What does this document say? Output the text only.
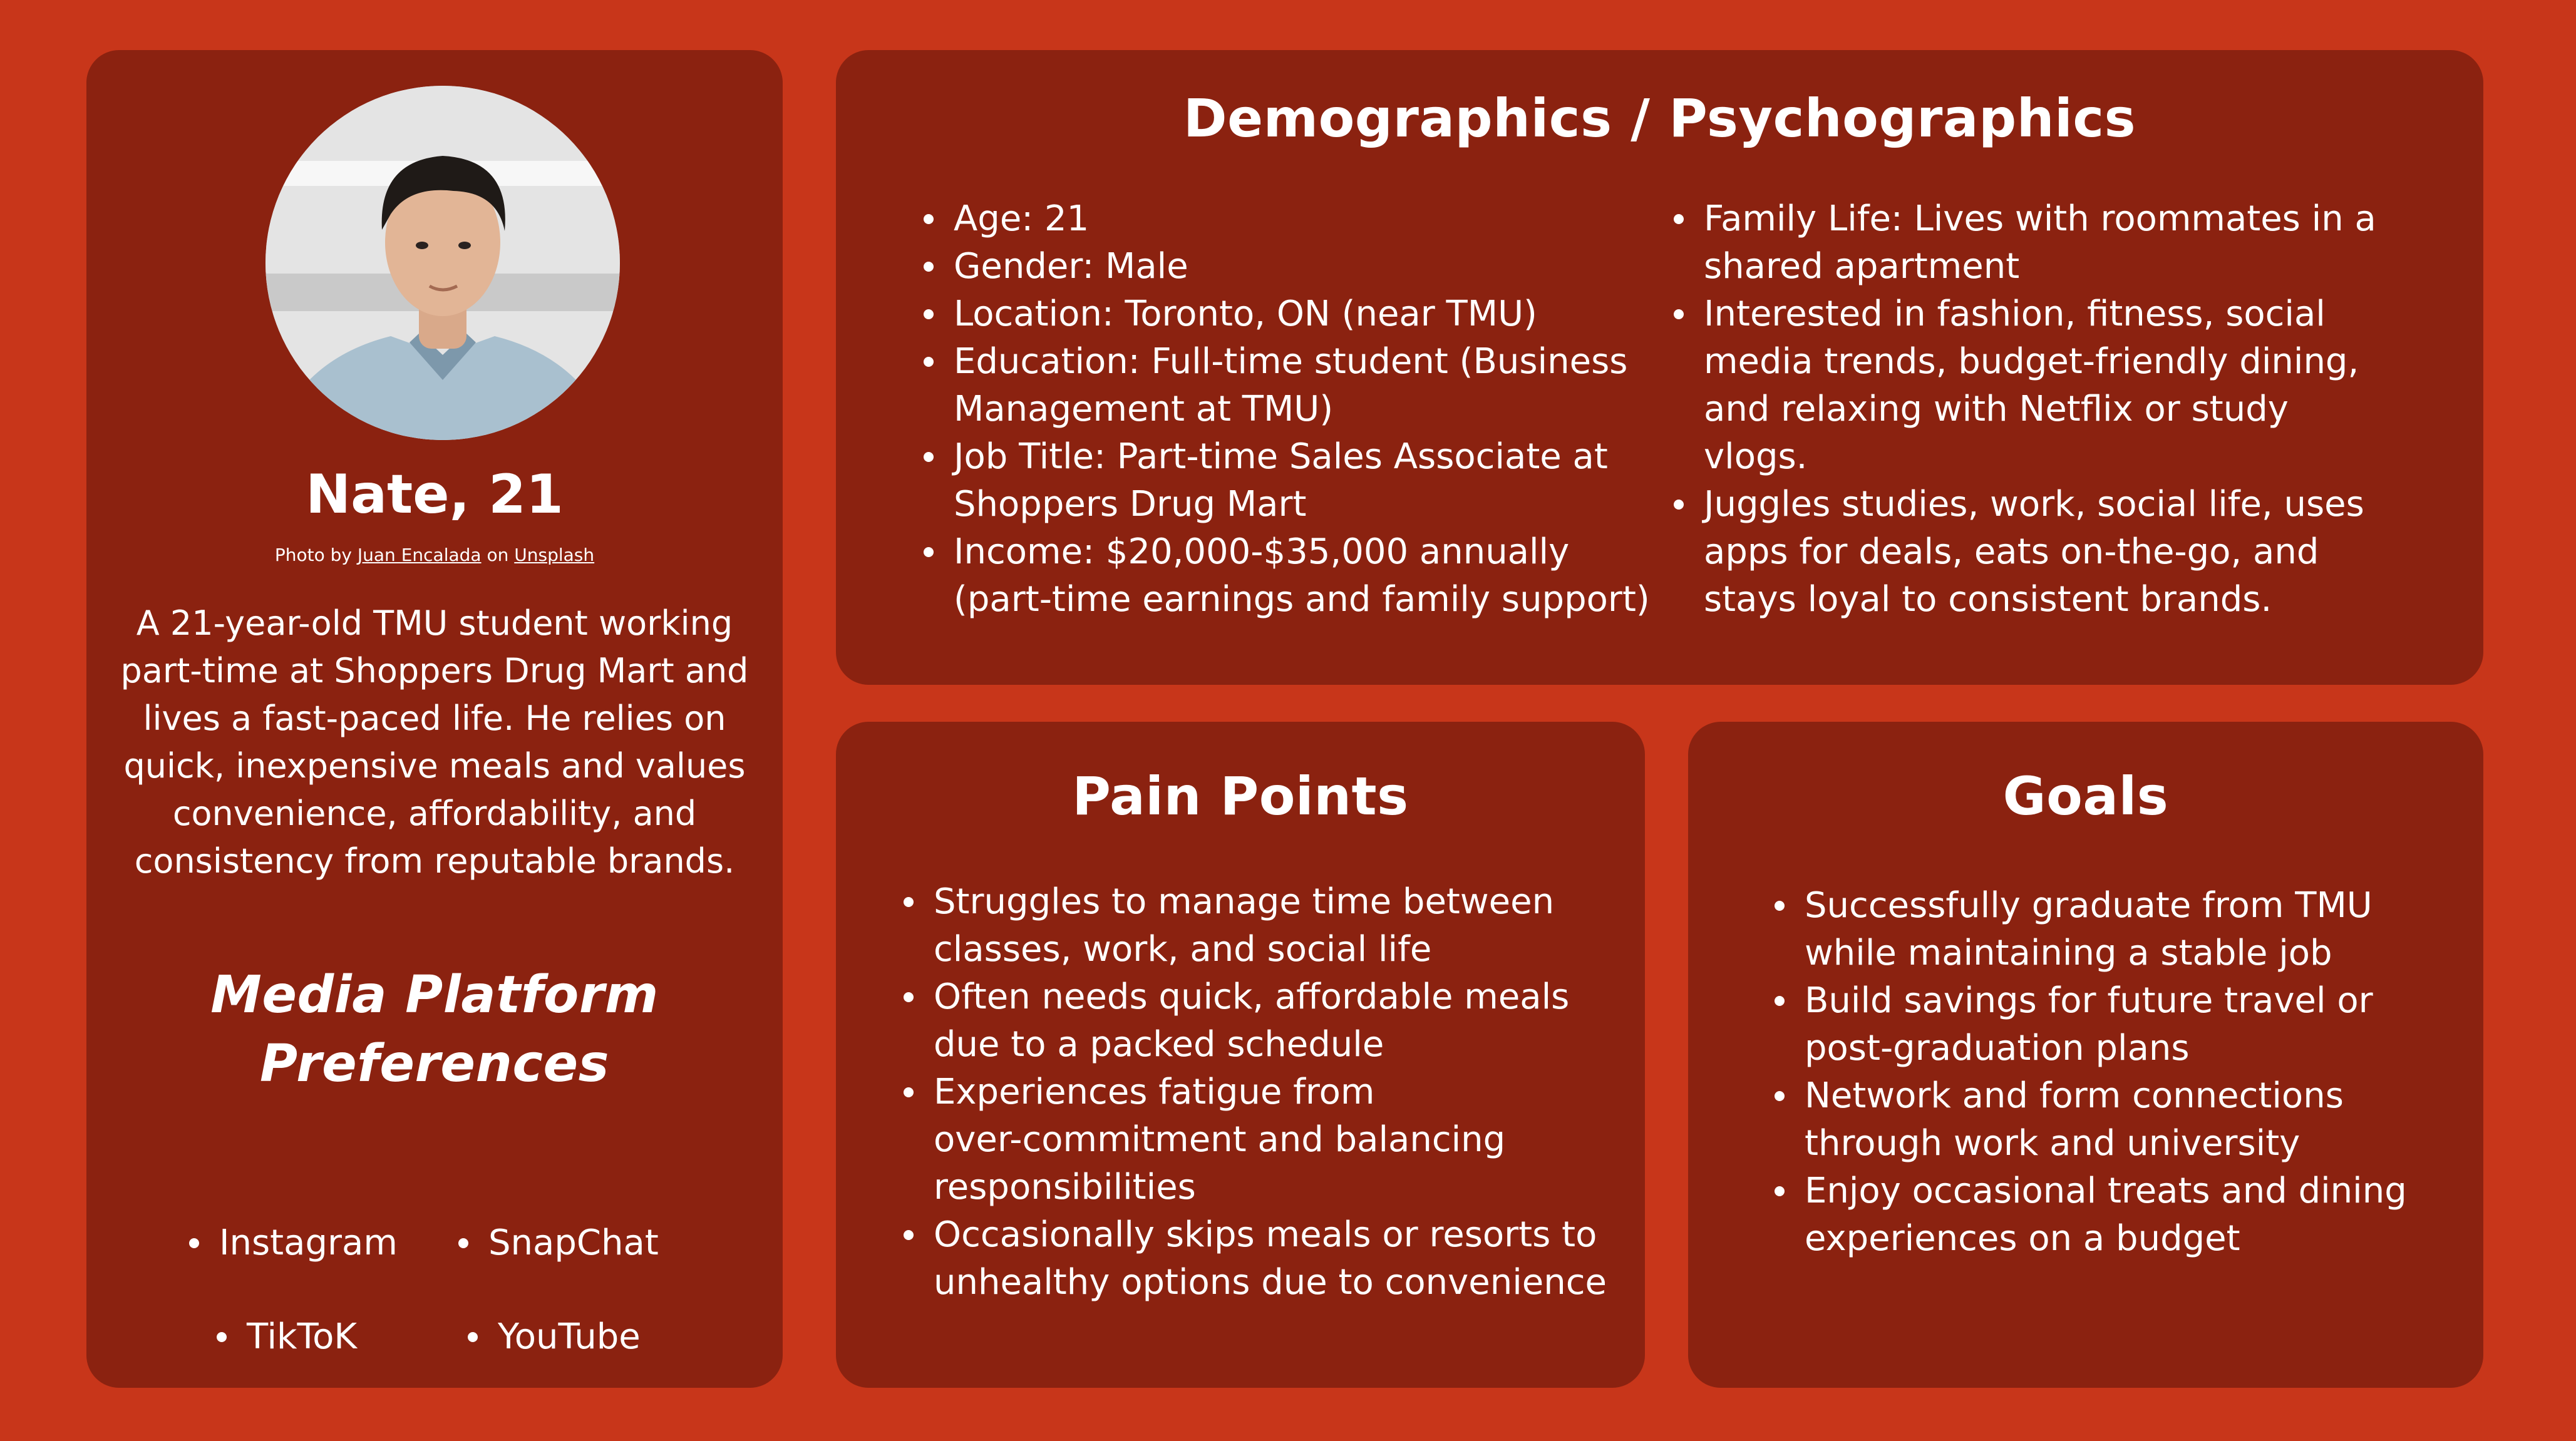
Nate, 21
Photo by Juan Encalada on Unsplash
A 21-year-old TMU student working part-time at Shoppers Drug Mart and lives a fast-paced life. He relies on quick, inexpensive meals and values convenience, affordability, and consistency from reputable brands.
Media Platform
Preferences
Instagram	SnapChat
TikToK	YouTube
Demographics / Psychographics
Age: 21
Gender: Male
Location: Toronto, ON (near TMU)
Education: Full-time student (Business
Management at TMU)
Job Title: Part-time Sales Associate at
Shoppers Drug Mart
Income: $20,000-$35,000 annually
(part-time earnings and family support)
Family Life: Lives with roommates in a
shared apartment
Interested in fashion, fitness, social
media trends, budget-friendly dining,
and relaxing with Netflix or study
vlogs.
Juggles studies, work, social life, uses
apps for deals, eats on-the-go, and
stays loyal to consistent brands.
Pain Points
Struggles to manage time between
classes, work, and social life
Often needs quick, affordable meals
due to a packed schedule
Experiences fatigue from
over-commitment and balancing
responsibilities
Occasionally skips meals or resorts to
unhealthy options due to convenience
Goals
Successfully graduate from TMU
while maintaining a stable job
Build savings for future travel or
post-graduation plans
Network and form connections
through work and university
Enjoy occasional treats and dining
experiences on a budget
